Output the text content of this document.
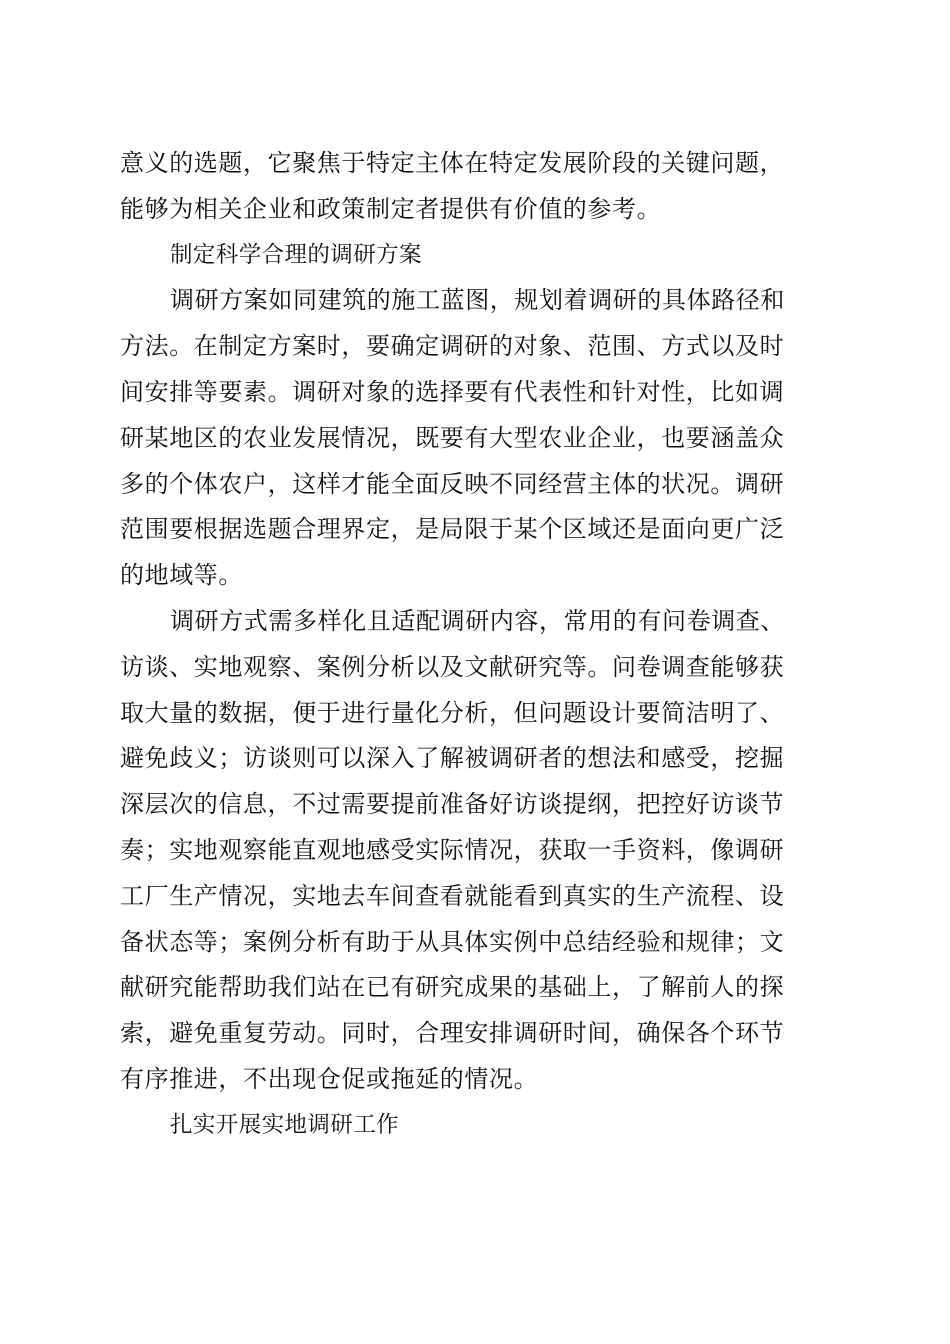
意义的选题，它聚焦于特定主体在特定发展阶段的关键问题，
能够为相关企业和政策制定者提供有价值的参考。
制定科学合理的调研方案
调研方案如同建筑的施工蓝图，规划着调研的具体路径和
方法。在制定方案时，要确定调研的对象、范围、方式以及时
间安排等要素。调研对象的选择要有代表性和针对性，比如调
研某地区的农业发展情况，既要有大型农业企业，也要涵盖众
多的个体农户，这样才能全面反映不同经营主体的状况。调研
范围要根据选题合理界定，是局限于某个区域还是面向更广泛
的地域等。
调研方式需多样化且适配调研内容，常用的有问卷调查、
访谈、实地观察、案例分析以及文献研究等。问卷调查能够获
取大量的数据，便于进行量化分析，但问题设计要简洁明了、
避免歧义；访谈则可以深入了解被调研者的想法和感受，挖掘
深层次的信息，不过需要提前准备好访谈提纲，把控好访谈节
奏；实地观察能直观地感受实际情况，获取一手资料，像调研
工厂生产情况，实地去车间查看就能看到真实的生产流程、设
备状态等；案例分析有助于从具体实例中总结经验和规律；文
献研究能帮助我们站在已有研究成果的基础上，了解前人的探
索，避免重复劳动。同时，合理安排调研时间，确保各个环节
有序推进，不出现仓促或拖延的情况。
扎实开展实地调研工作
